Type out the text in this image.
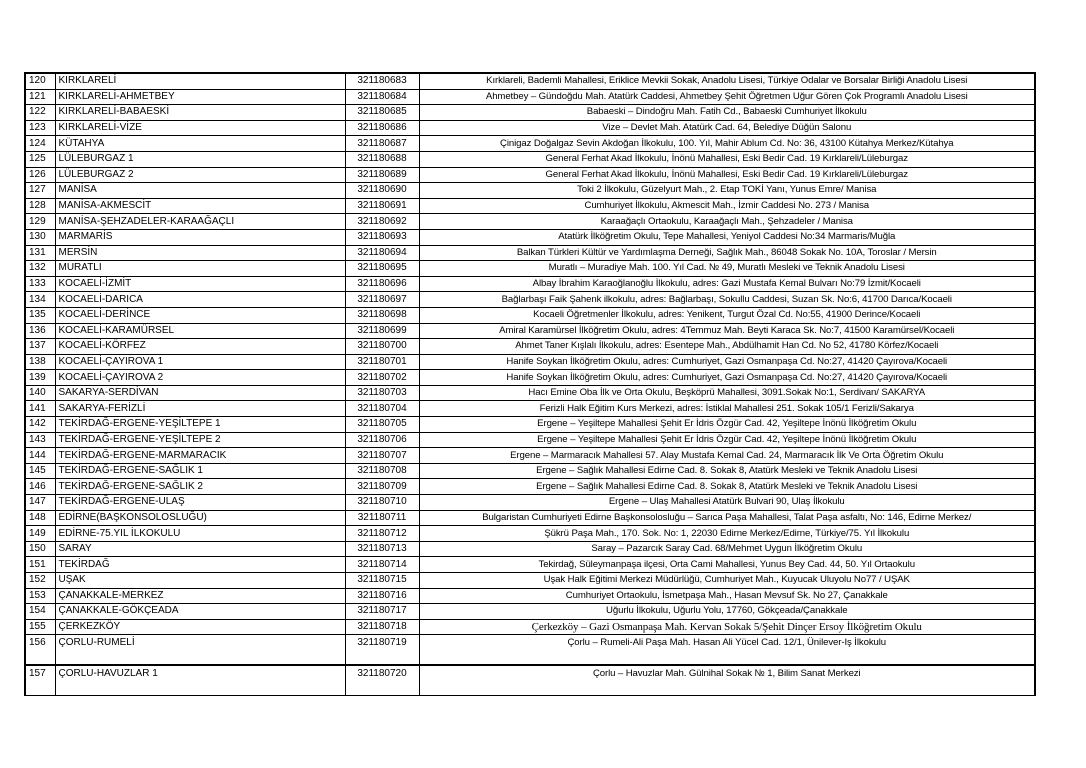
120	KIRKLARELİ	321180683	Kırklareli, Bademli Mahallesi, Eriklice Mevkii Sokak, Anadolu Lisesi, Türkiye Odalar ve Borsalar Birliği Anadolu Lisesi
121	KIRKLARELİ-AHMETBEY	321180684	Ahmetbey – Gündoğdu Mah. Atatürk Caddesi, Ahmetbey Şehit Öğretmen Uğur Gören Çok Programlı Anadolu Lisesi
122	KIRKLARELİ-BABAESKİ	321180685	Babaeski – Dindoğru Mah. Fatih Cd., Babaeski Cumhuriyet İlkokulu
123	KIRKLARELİ-VİZE	321180686	Vize – Devlet Mah. Atatürk Cad. 64, Belediye Düğün Salonu
124	KÜTAHYA	321180687	Çinigaz Doğalgaz Sevin Akdoğan İlkokulu, 100. Yıl, Mahir Ablum Cd. No: 36, 43100 Kütahya Merkez/Kütahya
125	LÜLEBURGAZ 1	321180688	General Ferhat Akad İlkokulu, İnönü Mahallesi, Eski Bedir Cad. 19 Kırklareli/Lüleburgaz
126	LÜLEBURGAZ 2	321180689	General Ferhat Akad İlkokulu, İnönü Mahallesi, Eski Bedir Cad. 19 Kırklareli/Lüleburgaz
127	MANİSA	321180690	Toki 2 İlkokulu, Güzelyurt Mah., 2. Etap TOKİ Yanı, Yunus Emre/ Manisa
128	MANİSA-AKMESCİT	321180691	Cumhuriyet İlkokulu, Akmescit Mah., İzmir Caddesi No. 273 / Manisa
129	MANİSA-ŞEHZADELER-KARAAĞAÇLI	321180692	Karaağaçlı Ortaokulu, Karaağaçlı Mah., Şehzadeler / Manisa
130	MARMARİS	321180693	Atatürk İlköğretim Okulu, Tepe Mahallesi, Yeniyol Caddesi No:34 Marmaris/Muğla
131	MERSİN	321180694	Balkan Türkleri Kültür ve Yardımlaşma Derneği, Sağlık Mah., 86048 Sokak No. 10A, Toroslar / Mersin
132	MURATLI	321180695	Muratlı – Muradiye Mah. 100. Yıl Cad. № 49, Muratlı Mesleki ve Teknik Anadolu Lisesi
133	KOCAELİ-İZMİT	321180696	Albay İbrahim Karaoğlanoğlu İlkokulu, adres: Gazi Mustafa Kemal Bulvarı No:79 İzmit/Kocaeli
134	KOCAELİ-DARICA	321180697	Bağlarbaşı Faik Şahenk ilkokulu, adres: Bağlarbaşı, Sokullu Caddesi, Suzan Sk. No:6, 41700 Darıca/Kocaeli
135	KOCAELİ-DERİNCE	321180698	Kocaeli Öğretmenler İlkokulu, adres: Yenikent, Turgut Özal Cd. No:55, 41900 Derince/Kocaeli
136	KOCAELİ-KARAMÜRSEL	321180699	Amiral Karamürsel İlköğretim Okulu, adres: 4Temmuz Mah. Beyti Karaca Sk. No:7, 41500 Karamürsel/Kocaeli
137	KOCAELİ-KÖRFEZ	321180700	Ahmet Taner Kışlalı İlkokulu, adres: Esentepe Mah., Abdülhamit Han Cd. No 52, 41780 Körfez/Kocaeli
138	KOCAELİ-ÇAYIROVA 1	321180701	Hanife Soykan İlköğretim Okulu, adres: Cumhuriyet, Gazi Osmanpaşa Cd. No:27, 41420 Çayırova/Kocaeli
139	KOCAELİ-ÇAYIROVA 2	321180702	Hanife Soykan İlköğretim Okulu, adres: Cumhuriyet, Gazi Osmanpaşa Cd. No:27, 41420 Çayırova/Kocaeli
140	SAKARYA-SERDİVAN	321180703	Hacı Emine Oba İlk ve Orta Okulu, Beşköprü Mahallesi, 3091.Sokak No:1, Serdivan/ SAKARYA
141	SAKARYA-FERİZLİ	321180704	Ferizli Halk Eğitim Kurs Merkezi, adres: İstiklal Mahallesi 251. Sokak 105/1 Ferizli/Sakarya
142	TEKİRDAĞ-ERGENE-YEŞİLTEPE 1	321180705	Ergene – Yeşiltepe Mahallesi Şehit Er İdris Özgür Cad. 42, Yeşiltepe İnönü İlköğretim Okulu
143	TEKİRDAĞ-ERGENE-YEŞİLTEPE 2	321180706	Ergene – Yeşiltepe Mahallesi Şehit Er İdris Özgür Cad. 42, Yeşiltepe İnönü İlköğretim Okulu
144	TEKİRDAĞ-ERGENE-MARMARACIK	321180707	Ergene – Marmaracık Mahallesi 57. Alay Mustafa Kemal Cad. 24, Marmaracık İlk Ve Orta Öğretim Okulu
145	TEKİRDAĞ-ERGENE-SAĞLIK 1	321180708	Ergene – Sağlık Mahallesi Edirne Cad. 8. Sokak 8, Atatürk Mesleki ve Teknik Anadolu Lisesi
146	TEKİRDAĞ-ERGENE-SAĞLIK 2	321180709	Ergene – Sağlık Mahallesi Edirne Cad. 8. Sokak 8, Atatürk Mesleki ve Teknik Anadolu Lisesi
147	TEKİRDAĞ-ERGENE-ULAŞ	321180710	Ergene – Ulaş Mahallesi Atatürk Bulvari 90, Ulaş İlkokulu
148	EDİRNE(BAŞKONSOLOSLUĞU)	321180711	Bulgaristan Cumhuriyeti Edirne Başkonsolosluğu – Sarıca Paşa Mahallesi, Talat Paşa asfaltı, No: 146, Edirne Merkez/
149	EDİRNE-75.YIL İLKOKULU	321180712	Şükrü Paşa Mah., 170. Sok. No: 1, 22030 Edirne Merkez/Edirne, Türkiye/75. Yıl İlkokulu
150	SARAY	321180713	Saray – Pazarcık Saray Cad. 68/Mehmet Uygun İlköğretim Okulu
151	TEKİRDAĞ	321180714	Tekirdağ, Süleymanpaşa ilçesi, Orta Cami Mahallesi, Yunus Bey Cad. 44, 50. Yıl Ortaokulu
152	UŞAK	321180715	Uşak Halk Eğitimi Merkezi Müdürlüğü, Cumhuriyet Mah., Kuyucak Uluyolu No77 / UŞAK
153	ÇANAKKALE-MERKEZ	321180716	Cumhuriyet Ortaokulu, İsmetpaşa Mah., Hasan Mevsuf Sk. No 27, Çanakkale
154	ÇANAKKALE-GÖKÇEADA	321180717	Uğurlu İlkokulu, Uğurlu Yolu, 17760, Gökçeada/Çanakkale
155	ÇERKEZKÖY	321180718	Çerkezköy – Gazi Osmanpaşa Mah. Kervan Sokak 5/Şehit Dinçer Ersoy İlköğretim Okulu
156	ÇORLU-RUMELİ	321180719	Çorlu – Rumeli-Ali Paşa Mah. Hasan Ali Yücel Cad. 12/1, Ünilever-Iş İlkokulu
157	ÇORLU-HAVUZLAR 1	321180720	Çorlu – Havuzlar Mah. Gülnihal Sokak № 1, Bilim Sanat Merkezi
